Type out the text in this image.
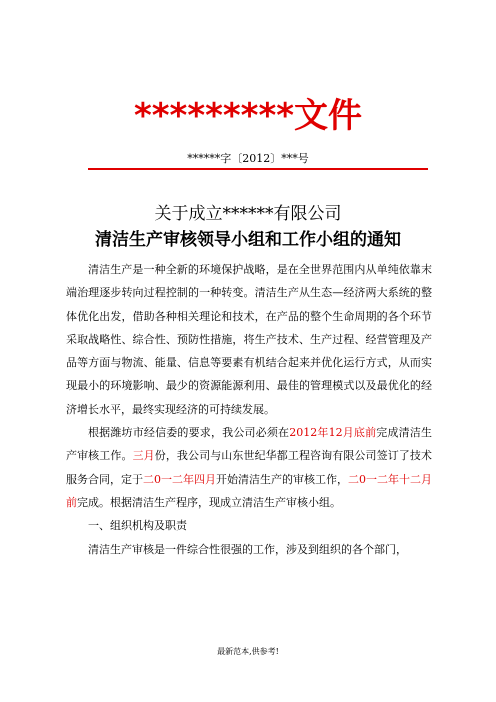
*********文件
******字〔2012〕***号
关于成立******有限公司
清洁生产审核领导小组和工作小组的通知

清洁生产是一种全新的环境保护战略，是在全世界范围内从单纯依靠末端治理逐步转向过程控制的一种转变。清洁生产从生态—经济两大系统的整体优化出发，借助各种相关理论和技术，在产品的整个生命周期的各个环节采取战略性、综合性、预防性措施，将生产技术、生产过程、经营管理及产品等方面与物流、能量、信息等要素有机结合起来并优化运行方式，从而实现最小的环境影响、最少的资源能源利用、最佳的管理模式以及最优化的经济增长水平，最终实现经济的可持续发展。

根据潍坊市经信委的要求，我公司必须在2012年12月底前完成清洁生产审核工作。三月份，我公司与山东世纪华都工程咨询有限公司签订了技术服务合同，定于二0一二年四月开始清洁生产的审核工作，二0一二年十二月前完成。根据清洁生产程序，现成立清洁生产审核小组。

一、组织机构及职责

清洁生产审核是一件综合性很强的工作，涉及到组织的各个部门，

最新范本,供参考!
